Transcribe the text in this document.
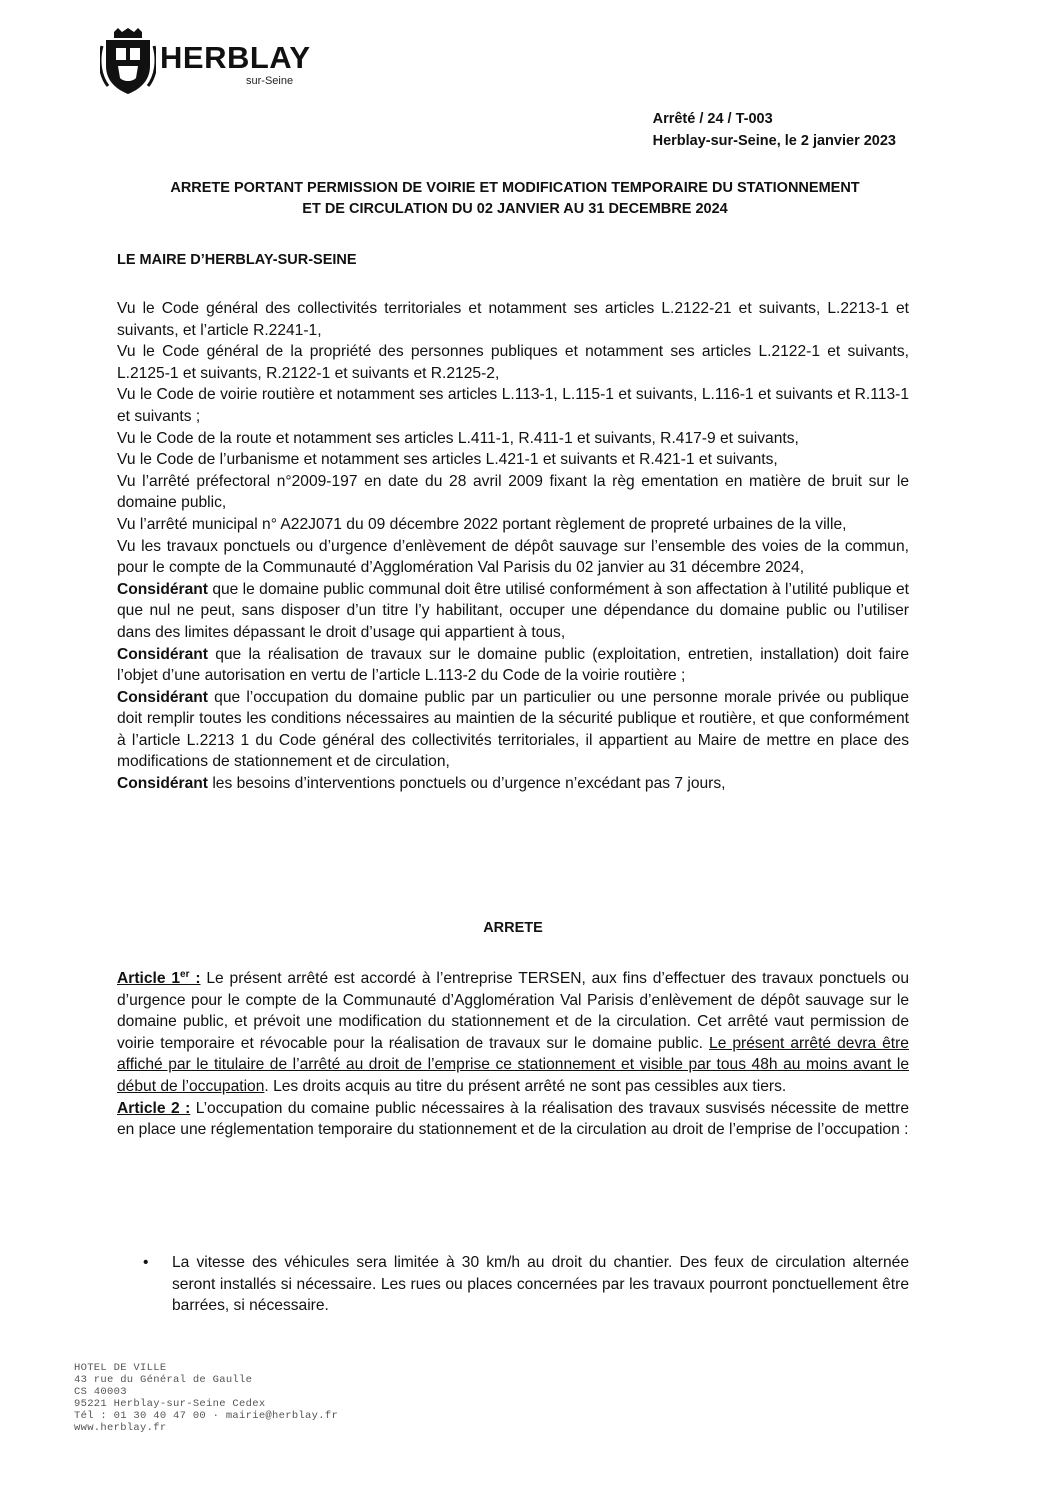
HERBLAY
sur-Seine
Arrêté / 24 / T-003
Herblay-sur-Seine, le 2 janvier 2023
ARRETE PORTANT PERMISSION DE VOIRIE ET MODIFICATION TEMPORAIRE DU STATIONNEMENT
ET DE CIRCULATION DU 02 JANVIER AU 31 DECEMBRE 2024
LE MAIRE D’HERBLAY-SUR-SEINE

Vu le Code général des collectivités territoriales et notamment ses articles L.2122-21 et suivants, L.2213-1 et suivants, et l’article R.2241-1,

Vu le Code général de la propriété des personnes publiques et notamment ses articles L.2122-1 et suivants, L.2125-1 et suivants, R.2122-1 et suivants et R.2125-2,

Vu le Code de voirie routière et notamment ses articles L.113-1, L.115-1 et suivants, L.116-1 et suivants et R.113-1 et suivants ;

Vu le Code de la route et notamment ses articles L.411-1, R.411-1 et suivants, R.417-9 et suivants,

Vu le Code de l’urbanisme et notamment ses articles L.421-1 et suivants et R.421-1 et suivants,

Vu l’arrêté préfectoral n°2009-197 en date du 28 avril 2009 fixant la règ ementation en matière de bruit sur le domaine public,

Vu l’arrêté municipal n° A22J071 du 09 décembre 2022 portant règlement de propreté urbaines de la ville,

Vu les travaux ponctuels ou d’urgence d’enlèvement de dépôt sauvage sur l’ensemble des voies de la commun, pour le compte de la Communauté d’Agglomération Val Parisis du 02 janvier au 31 décembre 2024,

Considérant que le domaine public communal doit être utilisé conformément à son affectation à l’utilité publique et que nul ne peut, sans disposer d’un titre l’y habilitant, occuper une dépendance du domaine public ou l’utiliser dans des limites dépassant le droit d’usage qui appartient à tous,

Considérant que la réalisation de travaux sur le domaine public (exploitation, entretien, installation) doit faire l’objet d’une autorisation en vertu de l’article L.113-2 du Code de la voirie routière ;

Considérant que l’occupation du domaine public par un particulier ou une personne morale privée ou publique doit remplir toutes les conditions nécessaires au maintien de la sécurité publique et routière, et que conformément à l’article L.2213 1 du Code général des collectivités territoriales, il appartient au Maire de mettre en place des modifications de stationnement et de circulation,

Considérant les besoins d’interventions ponctuels ou d’urgence n’excédant pas 7 jours,

ARRETE

Article 1er : Le présent arrêté est accordé à l’entreprise TERSEN, aux fins d’effectuer des travaux ponctuels ou d’urgence pour le compte de la Communauté d’Agglomération Val Parisis d’enlèvement de dépôt sauvage sur le domaine public, et prévoit une modification du stationnement et de la circulation. Cet arrêté vaut permission de voirie temporaire et révocable pour la réalisation de travaux sur le domaine public. Le présent arrêté devra être affiché par le titulaire de l’arrêté au droit de l’emprise ce stationnement et visible par tous 48h au moins avant le début de l’occupation. Les droits acquis au titre du présent arrêté ne sont pas cessibles aux tiers.

Article 2 : L’occupation du comaine public nécessaires à la réalisation des travaux susvisés nécessite de mettre en place une réglementation temporaire du stationnement et de la circulation au droit de l’emprise de l’occupation :

• La vitesse des véhicules sera limitée à 30 km/h au droit du chantier. Des feux de circulation alternée seront installés si nécessaire. Les rues ou places concernées par les travaux pourront ponctuellement être barrées, si nécessaire.
HOTEL DE VILLE
43 rue du Général de Gaulle
CS 40003
95221 Herblay-sur-Seine Cedex
Tél : 01 30 40 47 00 · mairie@herblay.fr
www.herblay.fr
